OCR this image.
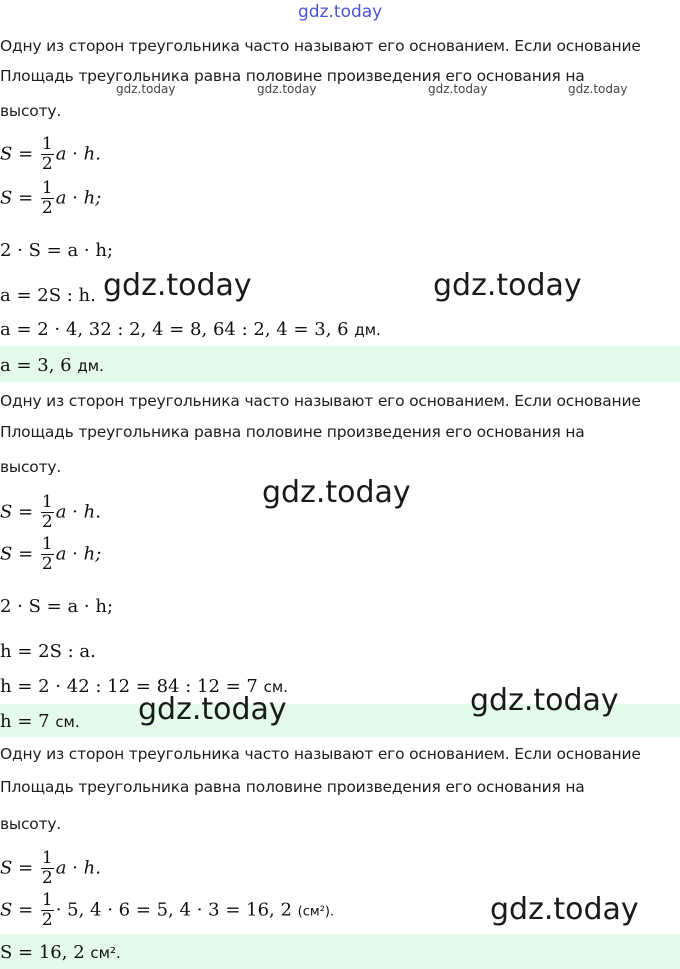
gdz.today
Одну из сторон треугольника часто называют его основанием. Если основание
Площадь треугольника равна половине произведения его основания на
gdz.today	gdz.today	gdz.today	gdz.today
высоту.
$S = \frac{1}{2}$ a · h.
$S = \frac{1}{2}$ a · h;
2 · S = a · h;
a = 2S : h. gdz.today	gdz.today
a = 2 · 4, 32 : 2, 4 = 8, 64 : 2, 4 = 3, 6 дм.
a = 3, 6 дм.
Одну из сторон треугольника часто называют его основанием. Если основание
Площадь треугольника равна половине произведения его основания на
высоту.
gdz.today
$S = \frac{1}{2}$ a · h.
$S = \frac{1}{2}$ a · h;
2 · S = a · h;
h = 2S : a.
h = 2 · 42 : 12 = 84 : 12 = 7 см.
h = 7 см. gdz.today	gdz.today
Одну из сторон треугольника часто называют его основанием. Если основание
Площадь треугольника равна половине произведения его основания на
высоту.
$S = \frac{1}{2}$ a · h.
$S = \frac{1}{2} \cdot 5$, 4 · 6 = 5, 4 · 3 = 16, 2 (см²).	gdz.today
S = 16, 2 см².
